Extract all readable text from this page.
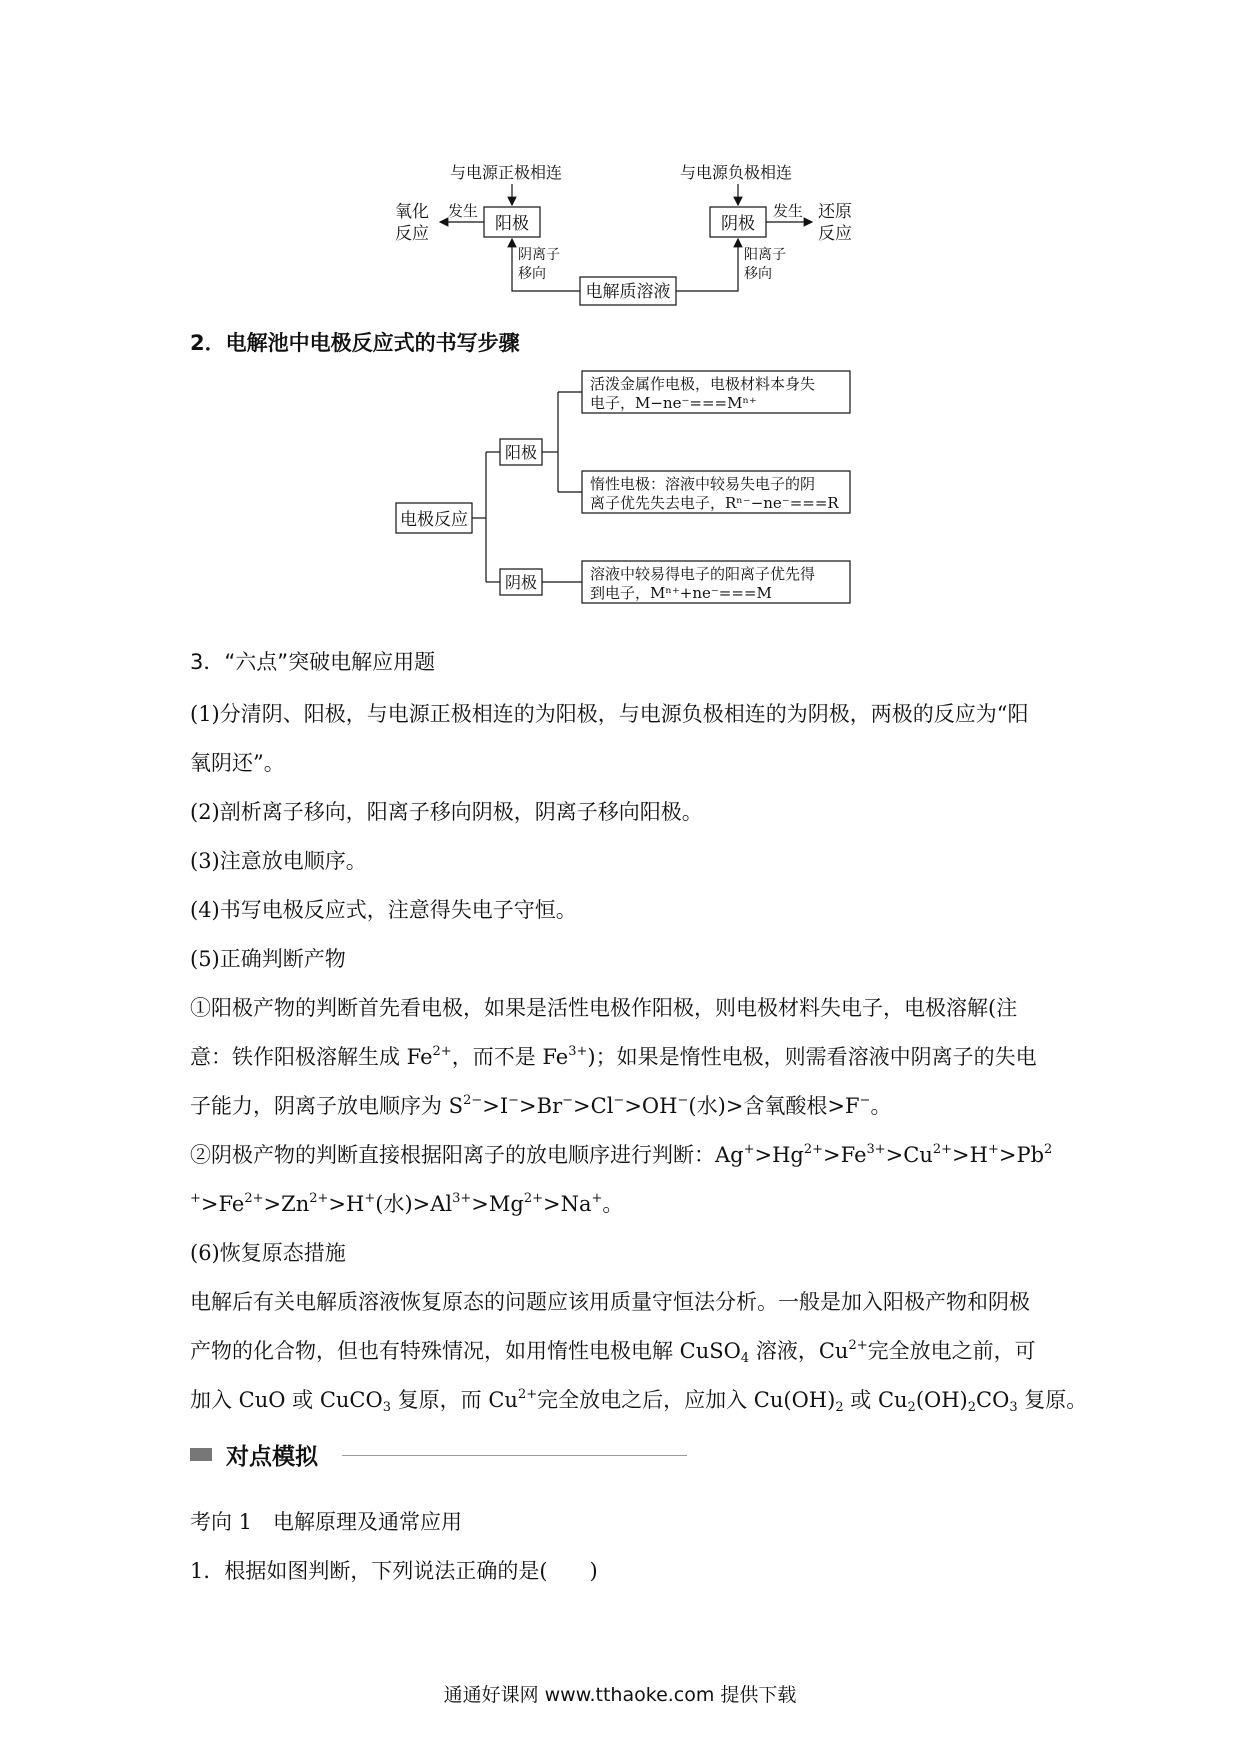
与电源正极相连	与电源负极相连
阳极	阴极
发生
氧化
反应
发生 还原
反应
电解质溶液
阴离子
移向
阳离子
移向
2．电解池中电极反应式的书写步骤
电极反应
阳极
阴极
活泼金属作电极，电极材料本身失
电子，M−ne⁻===Mⁿ⁺
惰性电极：溶液中较易失电子的阴
离子优先失去电子，Rⁿ⁻−ne⁻===R
溶液中较易得电子的阳离子优先得
到电子，Mⁿ⁺+ne⁻===M
3．“六点”突破电解应用题
(1)分清阴、阳极，与电源正极相连的为阳极，与电源负极相连的为阴极，两极的反应为“阳
氧阴还”。
(2)剖析离子移向，阳离子移向阴极，阴离子移向阳极。
(3)注意放电顺序。
(4)书写电极反应式，注意得失电子守恒。
(5)正确判断产物
①阳极产物的判断首先看电极，如果是活性电极作阳极，则电极材料失电子，电极溶解(注
意：铁作阳极溶解生成 $Fe^{2+}$，而不是 $Fe^{3+}$)；如果是惰性电极，则需看溶液中阴离子的失电
子能力，阴离子放电顺序为 $S^{2-}>I^->Br^->Cl^->OH^-$(水)>含氧酸根>F−。
②阴极产物的判断直接根据阳离子的放电顺序进行判断：$Ag^+>Hg^{2+}>Fe^{3+}>Cu^{2+}>H^+>Pb^2$
$^+>Fe^{2+}>Zn^{2+}>H^+$(水)$>Al^{3+}>Mg^{2+}>Na^+$。
(6)恢复原态措施
电解后有关电解质溶液恢复原态的问题应该用质量守恒法分析。一般是加入阳极产物和阴极
产物的化合物，但也有特殊情况，如用惰性电极电解 CuSO$_4$ 溶液，$Cu^{2+}$完全放电之前，可
加入 CuO 或 CuCO$_3$ 复原，而 $Cu^{2+}$完全放电之后，应加入 $Cu(OH)_2$ 或 $Cu_2(OH)_2CO_3$ 复原。
对点模拟
考向 1　电解原理及通常应用
1．根据如图判断，下列说法正确的是(　　)
通通好课网 www.tthaoke.com 提供下载
